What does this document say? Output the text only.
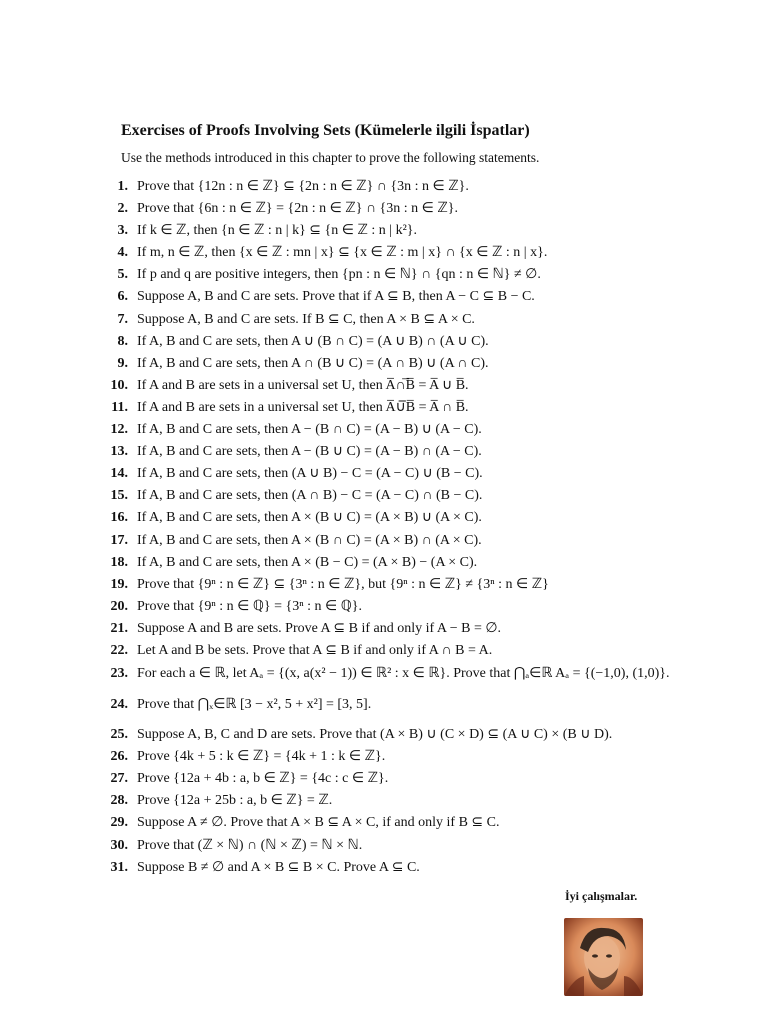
Exercises of Proofs Involving Sets (Kümelerle ilgili İspatlar)
Use the methods introduced in this chapter to prove the following statements.
1. Prove that {12n : n ∈ ℤ} ⊆ {2n : n ∈ ℤ} ∩ {3n : n ∈ ℤ}.
2. Prove that {6n : n ∈ ℤ} = {2n : n ∈ ℤ} ∩ {3n : n ∈ ℤ}.
3. If k ∈ ℤ, then {n ∈ ℤ : n | k} ⊆ {n ∈ ℤ : n | k²}.
4. If m, n ∈ ℤ, then {x ∈ ℤ : mn | x} ⊆ {x ∈ ℤ : m | x} ∩ {x ∈ ℤ : n | x}.
5. If p and q are positive integers, then {pn : n ∈ ℕ} ∩ {qn : n ∈ ℕ} ≠ ∅.
6. Suppose A, B and C are sets. Prove that if A ⊆ B, then A − C ⊆ B − C.
7. Suppose A, B and C are sets. If B ⊆ C, then A × B ⊆ A × C.
8. If A, B and C are sets, then A ∪ (B ∩ C) = (A ∪ B) ∩ (A ∪ C).
9. If A, B and C are sets, then A ∩ (B ∪ C) = (A ∩ B) ∪ (A ∩ C).
10. If A and B are sets in a universal set U, then A̅∩̅B̅ = A̅ ∪ B̅.
11. If A and B are sets in a universal set U, then A̅∪̅B̅ = A̅ ∩ B̅.
12. If A, B and C are sets, then A − (B ∩ C) = (A − B) ∪ (A − C).
13. If A, B and C are sets, then A − (B ∪ C) = (A − B) ∩ (A − C).
14. If A, B and C are sets, then (A ∪ B) − C = (A − C) ∪ (B − C).
15. If A, B and C are sets, then (A ∩ B) − C = (A − C) ∩ (B − C).
16. If A, B and C are sets, then A × (B ∪ C) = (A × B) ∪ (A × C).
17. If A, B and C are sets, then A × (B ∩ C) = (A × B) ∩ (A × C).
18. If A, B and C are sets, then A × (B − C) = (A × B) − (A × C).
19. Prove that {9ⁿ : n ∈ ℤ} ⊆ {3ⁿ : n ∈ ℤ}, but {9ⁿ : n ∈ ℤ} ≠ {3ⁿ : n ∈ ℤ}
20. Prove that {9ⁿ : n ∈ ℚ} = {3ⁿ : n ∈ ℚ}.
21. Suppose A and B are sets. Prove A ⊆ B if and only if A − B = ∅.
22. Let A and B be sets. Prove that A ⊆ B if and only if A ∩ B = A.
23. For each a ∈ ℝ, let Aₐ = {(x, a(x² − 1)) ∈ ℝ² : x ∈ ℝ}. Prove that ⋂ₐ∈ℝ Aₐ = {(−1,0), (1,0)}.
24. Prove that ⋂ₓ∈ℝ [3 − x², 5 + x²] = [3, 5].
25. Suppose A, B, C and D are sets. Prove that (A × B) ∪ (C × D) ⊆ (A ∪ C) × (B ∪ D).
26. Prove {4k + 5 : k ∈ ℤ} = {4k + 1 : k ∈ ℤ}.
27. Prove {12a + 4b : a, b ∈ ℤ} = {4c : c ∈ ℤ}.
28. Prove {12a + 25b : a, b ∈ ℤ} = ℤ.
29. Suppose A ≠ ∅. Prove that A × B ⊆ A × C, if and only if B ⊆ C.
30. Prove that (ℤ × ℕ) ∩ (ℕ × ℤ) = ℕ × ℕ.
31. Suppose B ≠ ∅ and A × B ⊆ B × C. Prove A ⊆ C.
İyi çalışmalar.
